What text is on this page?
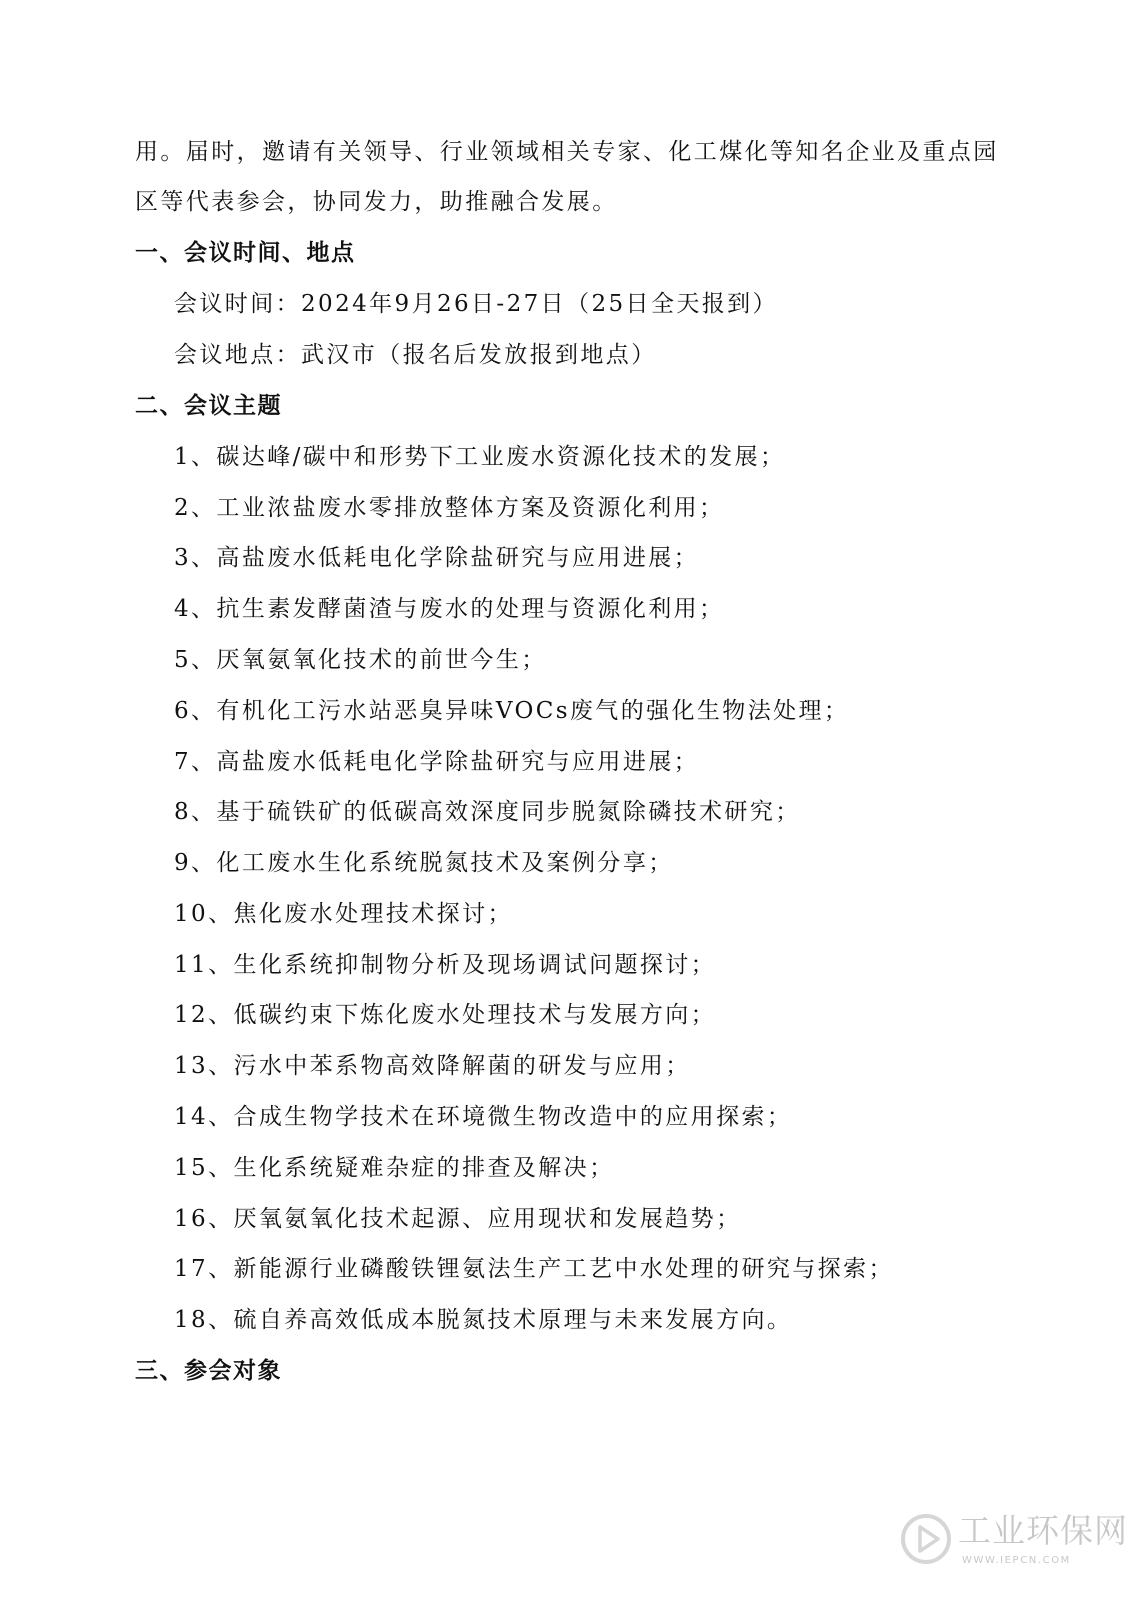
用。届时，邀请有关领导、行业领域相关专家、化工煤化等知名企业及重点园
区等代表参会，协同发力，助推融合发展。
一、会议时间、地点
会议时间：2024年9月26日-27日（25日全天报到）
会议地点：武汉市（报名后发放报到地点）
二、会议主题
1、碳达峰/碳中和形势下工业废水资源化技术的发展；
2、工业浓盐废水零排放整体方案及资源化利用；
3、高盐废水低耗电化学除盐研究与应用进展；
4、抗生素发酵菌渣与废水的处理与资源化利用；
5、厌氧氨氧化技术的前世今生；
6、有机化工污水站恶臭异味VOCs废气的强化生物法处理；
7、高盐废水低耗电化学除盐研究与应用进展；
8、基于硫铁矿的低碳高效深度同步脱氮除磷技术研究；
9、化工废水生化系统脱氮技术及案例分享；
10、焦化废水处理技术探讨；
11、生化系统抑制物分析及现场调试问题探讨；
12、低碳约束下炼化废水处理技术与发展方向；
13、污水中苯系物高效降解菌的研发与应用；
14、合成生物学技术在环境微生物改造中的应用探索；
15、生化系统疑难杂症的排查及解决；
16、厌氧氨氧化技术起源、应用现状和发展趋势；
17、新能源行业磷酸铁锂氨法生产工艺中水处理的研究与探索；
18、硫自养高效低成本脱氮技术原理与未来发展方向。
三、参会对象
工业环保网
WWW.IEPCN.COM
